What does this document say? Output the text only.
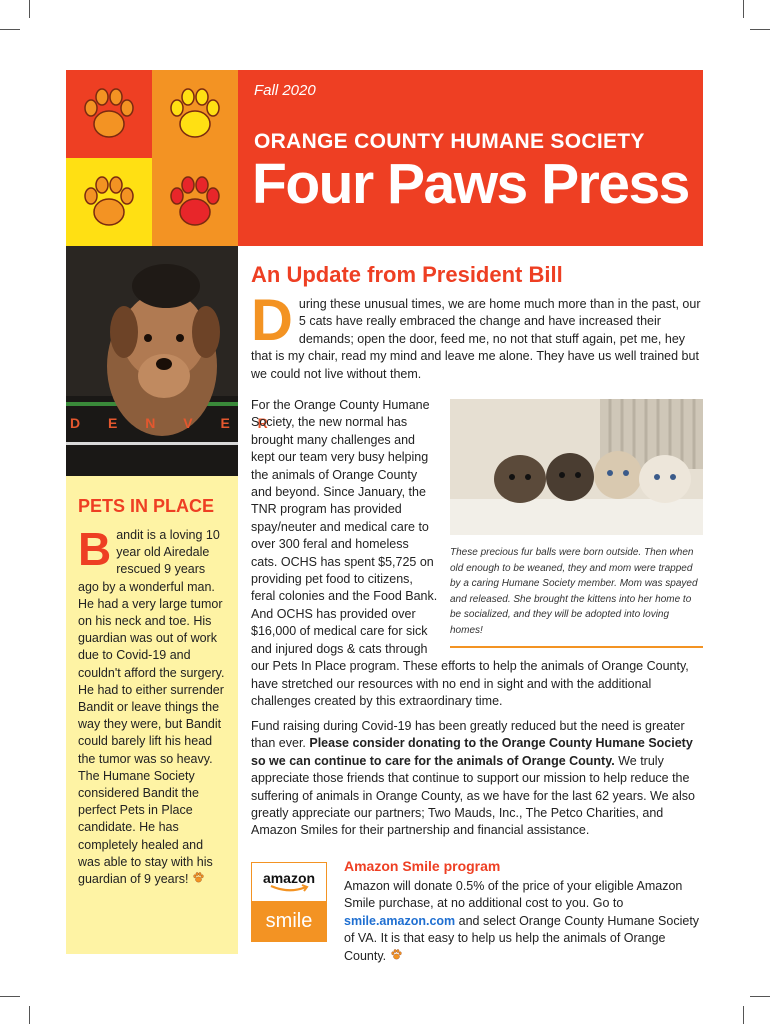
Fall 2020
ORANGE COUNTY HUMANE SOCIETY
Four Paws Press
D E N V E R
PETS IN PLACE
B andit is a loving 10 year old Airedale rescued 9 years ago by a wonderful man. He had a very large tumor on his neck and toe. His guardian was out of work due to Covid-19 and couldn't afford the surgery. He had to either surrender Bandit or leave things the way they were, but Bandit could barely lift his head the tumor was so heavy. The Humane Society considered Bandit the perfect Pets in Place candidate. He has completely healed and was able to stay with his guardian of 9 years!
An Update from President Bill
D uring these unusual times, we are home much more than in the past, our 5 cats have really embraced the change and have increased their demands; open the door, feed me, no not that stuff again, pet me, hey that is my chair, read my mind and leave me alone. They have us well trained but we could not live without them.
These precious fur balls were born outside. Then when old enough to be weaned, they and mom were trapped by a caring Humane Society member. Mom was spayed and released. She brought the kittens into her home to be socialized, and they will be adopted into loving homes!
For the Orange County Humane Society, the new normal has brought many challenges and kept our team very busy helping the animals of Orange County and beyond. Since January, the TNR program has provided spay/neuter and medical care to over 300 feral and homeless cats. OCHS has spent $5,725 on providing pet food to citizens, feral colonies and the Food Bank. And OCHS has provided over $16,000 of medical care for sick and injured dogs & cats through our Pets In Place program. These efforts to help the animals of Orange County, have stretched our resources with no end in sight and with the additional challenges created by this extraordinary time.
Fund raising during Covid-19 has been greatly reduced but the need is greater than ever. Please consider donating to the Orange County Humane Society so we can continue to care for the animals of Orange County. We truly appreciate those friends that continue to support our mission to help reduce the suffering of animals in Orange County, as we have for the last 62 years. We also greatly appreciate our partners; Two Mauds, Inc., The Petco Charities, and Amazon Smiles for their partnership and financial assistance.
amazon
smile
Amazon Smile program

Amazon will donate 0.5% of the price of your eligible Amazon Smile purchase, at no additional cost to you. Go to smile.amazon.com and select Orange County Humane Society of VA. It is that easy to help us help the animals of Orange County.
